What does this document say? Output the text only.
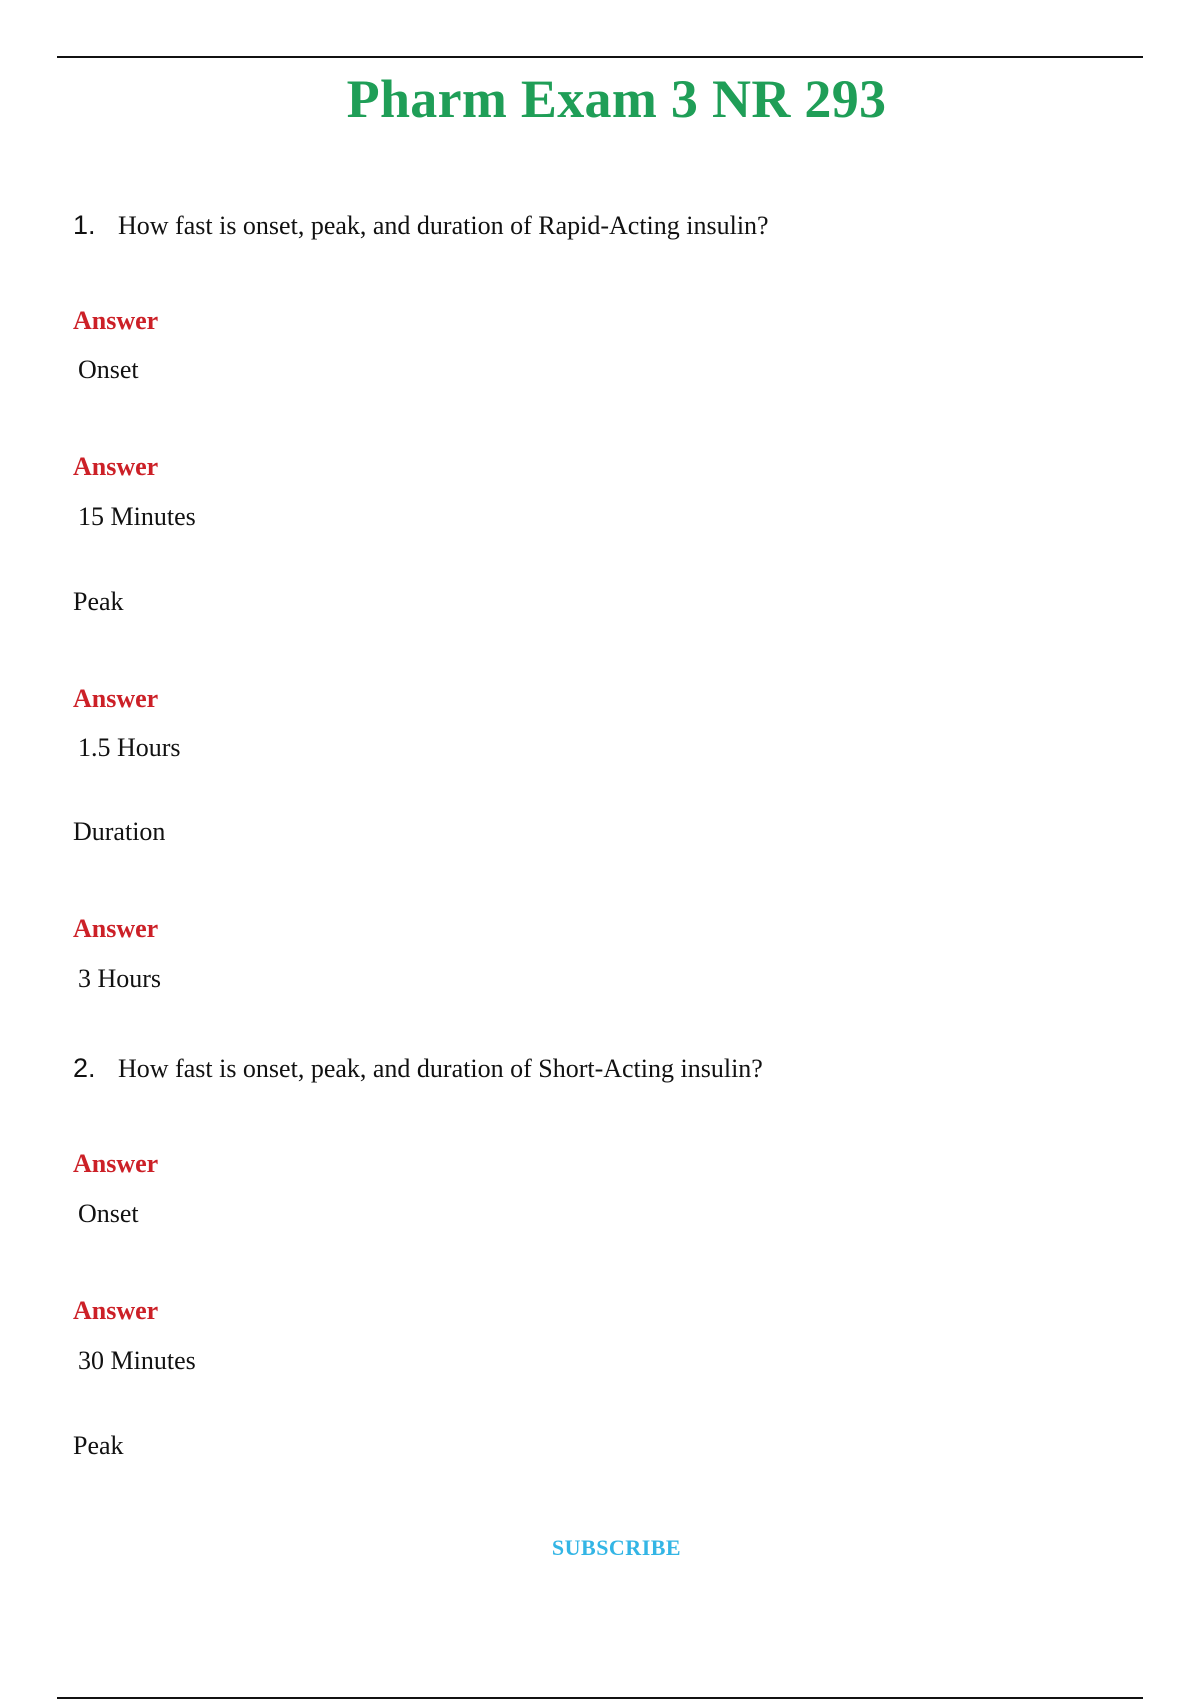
Pharm Exam 3 NR 293
1. How fast is onset, peak, and duration of Rapid-Acting insulin?
Answer
Onset
Answer
15 Minutes
Peak
Answer
1.5 Hours
Duration
Answer
3 Hours
2. How fast is onset, peak, and duration of Short-Acting insulin?
Answer
Onset
Answer
30 Minutes
Peak
SUBSCRIBE
